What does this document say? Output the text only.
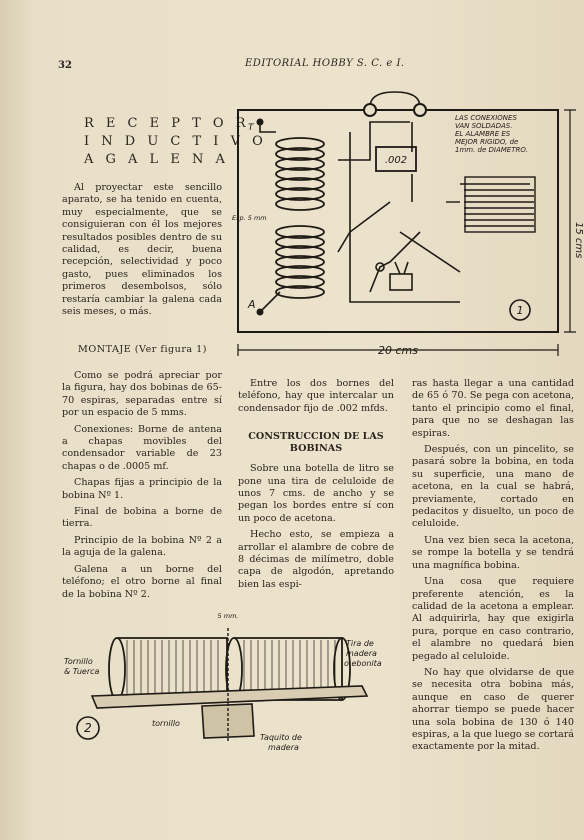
32	EDITORIAL HOBBY S. C. e I.
R E C E P T O R
I N D U C T I V O
A G A L E N A

Al proyectar este sencillo aparato, se ha tenido en cuenta, muy especialmente, que se consiguieran con él los mejores resultados posibles dentro de su calidad, es decir, buena recepción, selectividad y poco gasto, pues eliminados los primeros desembolsos, sólo restaría cambiar la galena cada seis meses, o más.

MONTAJE (Ver figura 1)

Como se podrá apreciar por la figura, hay dos bobinas de 65-70 espiras, separadas entre sí por un espacio de 5 mms.

Conexiones: Borne de antena a chapas movibles del condensador variable de 23 chapas o de .0005 mf.

Chapas fijas a principio de la bobina Nº 1.

Final de bobina a borne de tierra.

Principio de la bobina Nº 2 a la aguja de la galena.

Galena a un borne del teléfono; el otro borne al final de la bobina Nº 2.

Entre los dos bornes del teléfono, hay que intercalar un condensador fijo de .002 mfds.

CONSTRUCCION DE LAS BOBINAS

Sobre una botella de litro se pone una tira de celuloide de unos 7 cms. de ancho y se pegan los bordes entre sí con un poco de acetona.

Hecho esto, se empieza a arrollar el alambre de cobre de 8 décimas de milímetro, doble capa de algodón, apretando bien las espi-

ras hasta llegar a una cantidad de 65 ó 70. Se pega con acetona, tanto el principio como el final, para que no se deshagan las espiras.

Después, con un pincelito, se pasará sobre la bobina, en toda su superficie, una mano de acetona, en la cual se habrá, previamente, cortado en pedacitos y disuelto, un poco de celuloide.

Una vez bien seca la acetona, se rompe la botella y se tendrá una magnífica bobina.

Una cosa que requiere preferente atención, es la calidad de la acetona a emplear. Al adquirirla, hay que exigirla pura, porque en caso contrario, el alambre no quedará bien pegado al celuloide.

No hay que olvidarse de que se necesita otra bobina más, aunque en caso de querer ahorrar tiempo se puede hacer una sola bobina de 130 ó 140 espiras, a la que luego se cortará exactamente por la mitad.

.002
A
T
Esp. 5 mm
LAS CONEXIONES
VAN SOLDADAS.
EL ALAMBRE ES
MEJOR RIGIDO, de
1mm. de DIAMETRO.
1
20 cms
15 cms
5 mm.
2
Tornillo
& Tuerca
tornillo
Taquito de
madera
Tira de
madera
o ebonita
